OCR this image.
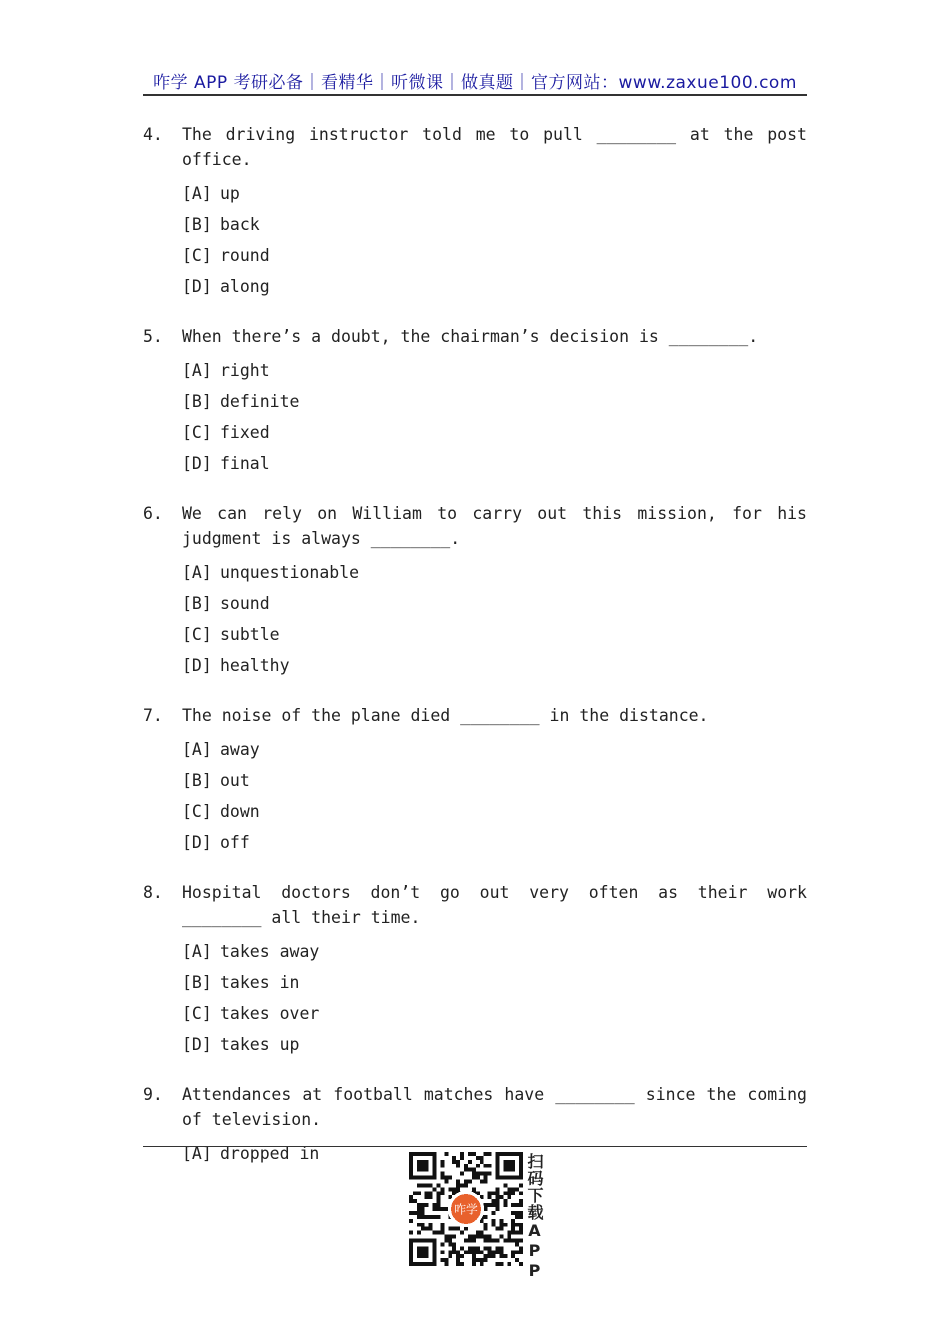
咋学 APP 考研必备｜看精华｜听微课｜做真题｜官方网站：www.zaxue100.com
4.	The driving instructor told me to pull ________ at the post office.
[A] up
[B] back
[C] round
[D] along
5.	When there’s a doubt, the chairman’s decision is ________.
[A] right
[B] definite
[C] fixed
[D] final
6.	We can rely on William to carry out this mission, for his judgment is always ________.
[A] unquestionable
[B] sound
[C] subtle
[D] healthy
7.	The noise of the plane died ________ in the distance.
[A] away
[B] out
[C] down
[D] off
8.	Hospital doctors don’t go out very often as their work ________ all their time.
[A] takes away
[B] takes in
[C] takes over
[D] takes up
9.	Attendances at football matches have ________ since the coming of television.
[A] dropped in
咋学	扫码下载APP
